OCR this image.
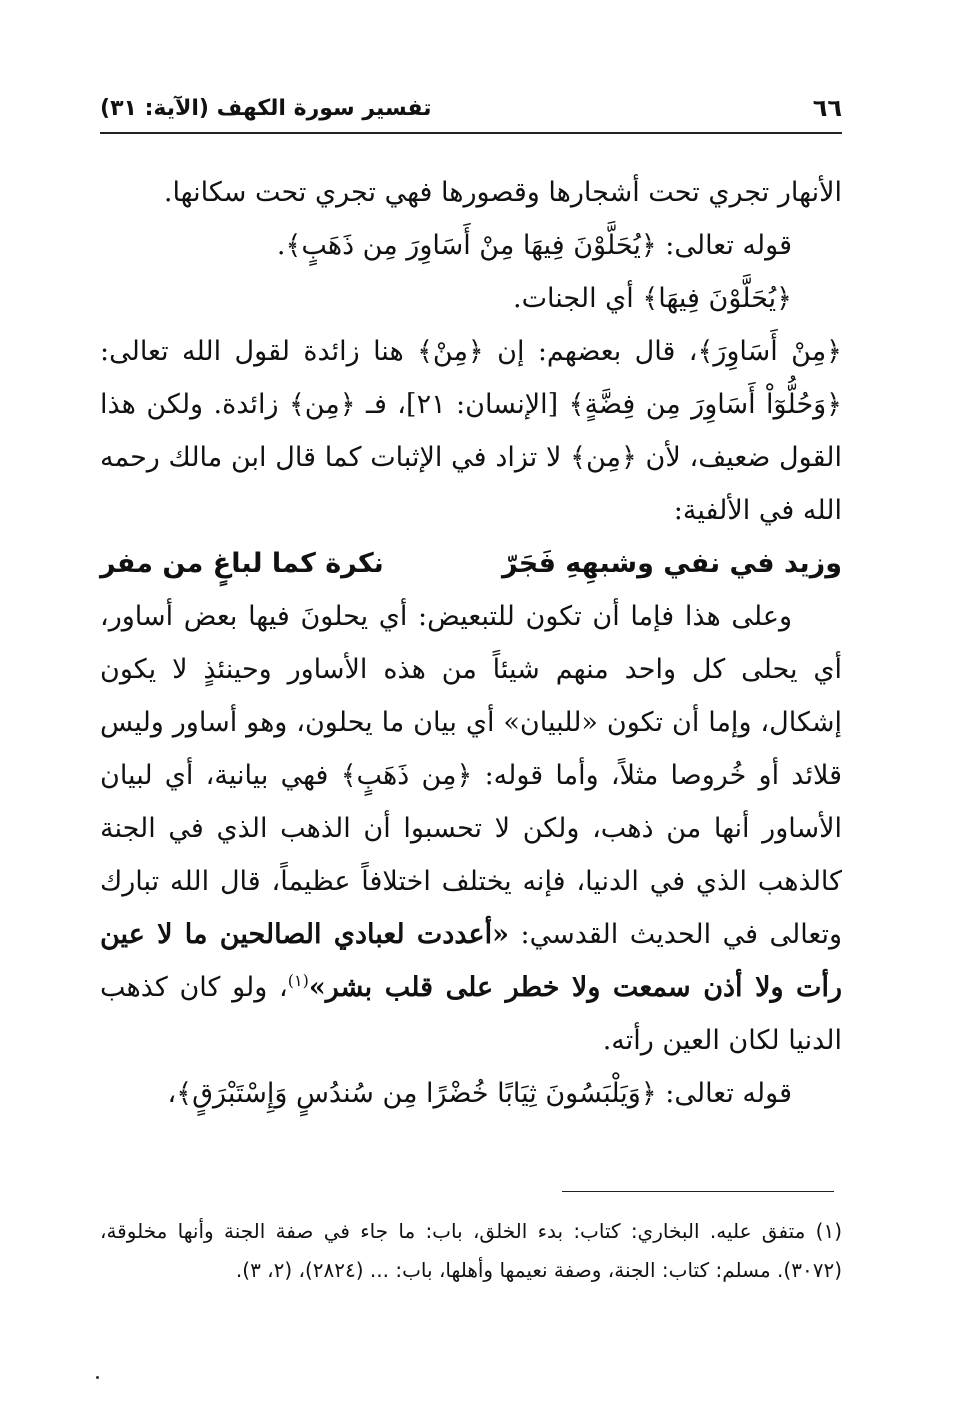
٦٦
تفسير سورة الكهف (الآية: ٣١)

الأنهار تجري تحت أشجارها وقصورها فهي تجري تحت سكانها.

قوله تعالى: ﴿يُحَلَّوْنَ فِيهَا مِنْ أَسَاوِرَ مِن ذَهَبٍ﴾.

﴿يُحَلَّوْنَ فِيهَا﴾ أي الجنات.

﴿مِنْ أَسَاوِرَ﴾، قال بعضهم: إن ﴿مِنْ﴾ هنا زائدة لقول الله تعالى: ﴿وَحُلُّوٓاْ أَسَاوِرَ مِن فِضَّةٍ﴾ [الإنسان: ٢١]، فـ ﴿مِن﴾ زائدة. ولكن هذا القول ضعيف، لأن ﴿مِن﴾ لا تزاد في الإثبات كما قال ابن مالك رحمه الله في الألفية:

وزيد في نفي وشبهِهِ فَجَرّ
نكرة كما لباغٍ من مفر

وعلى هذا فإما أن تكون للتبعيض: أي يحلونَ فيها بعض أساور، أي يحلى كل واحد منهم شيئاً من هذه الأساور وحينئذٍ لا يكون إشكال، وإما أن تكون «للبيان» أي بيان ما يحلون، وهو أساور وليس قلائد أو خُروصا مثلاً، وأما قوله: ﴿مِن ذَهَبٍ﴾ فهي بيانية، أي لبيان الأساور أنها من ذهب، ولكن لا تحسبوا أن الذهب الذي في الجنة كالذهب الذي في الدنيا، فإنه يختلف اختلافاً عظيماً، قال الله تبارك وتعالى في الحديث القدسي: «أعددت لعبادي الصالحين ما لا عين رأت ولا أذن سمعت ولا خطر على قلب بشر»$^{(١)}$، ولو كان كذهب الدنيا لكان العين رأته.

قوله تعالى: ﴿وَيَلْبَسُونَ ثِيَابًا خُضْرًا مِن سُندُسٍ وَإِسْتَبْرَقٍ﴾،

(١) متفق عليه. البخاري: كتاب: بدء الخلق، باب: ما جاء في صفة الجنة وأنها مخلوقة، (٣٠٧٢). مسلم: كتاب: الجنة، وصفة نعيمها وأهلها، باب: ... (٢٨٢٤)، (٢، ٣).
